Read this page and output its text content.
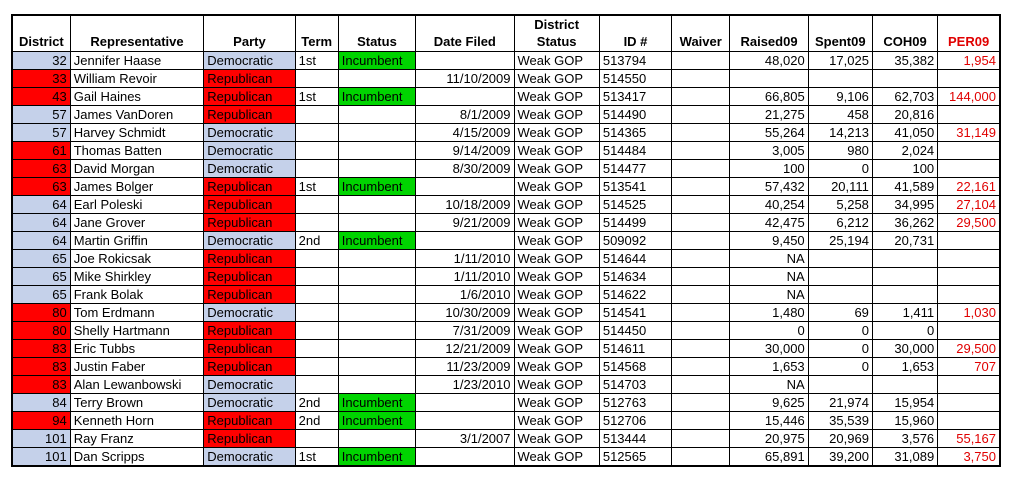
District	Representative	Party	Term	Status	Date Filed	District Status	ID #	Waiver	Raised09	Spent09	COH09	PER09
32	Jennifer Haase	Democratic	1st	Incumbent		Weak GOP	513794		48,020	17,025	35,382	1,954
33	William Revoir	Republican			11/10/2009	Weak GOP	514550					
43	Gail Haines	Republican	1st	Incumbent		Weak GOP	513417		66,805	9,106	62,703	144,000
57	James VanDoren	Republican			8/1/2009	Weak GOP	514490		21,275	458	20,816	
57	Harvey Schmidt	Democratic			4/15/2009	Weak GOP	514365		55,264	14,213	41,050	31,149
61	Thomas Batten	Democratic			9/14/2009	Weak GOP	514484		3,005	980	2,024	
63	David Morgan	Democratic			8/30/2009	Weak GOP	514477		100	0	100	
63	James Bolger	Republican	1st	Incumbent		Weak GOP	513541		57,432	20,111	41,589	22,161
64	Earl Poleski	Republican			10/18/2009	Weak GOP	514525		40,254	5,258	34,995	27,104
64	Jane Grover	Republican			9/21/2009	Weak GOP	514499		42,475	6,212	36,262	29,500
64	Martin Griffin	Democratic	2nd	Incumbent		Weak GOP	509092		9,450	25,194	20,731	
65	Joe Rokicsak	Republican			1/11/2010	Weak GOP	514644		NA			
65	Mike Shirkley	Republican			1/11/2010	Weak GOP	514634		NA			
65	Frank Bolak	Republican			1/6/2010	Weak GOP	514622		NA			
80	Tom Erdmann	Democratic			10/30/2009	Weak GOP	514541		1,480	69	1,411	1,030
80	Shelly Hartmann	Republican			7/31/2009	Weak GOP	514450		0	0	0	
83	Eric Tubbs	Republican			12/21/2009	Weak GOP	514611		30,000	0	30,000	29,500
83	Justin Faber	Republican			11/23/2009	Weak GOP	514568		1,653	0	1,653	707
83	Alan Lewanbowski	Democratic			1/23/2010	Weak GOP	514703		NA			
84	Terry Brown	Democratic	2nd	Incumbent		Weak GOP	512763		9,625	21,974	15,954	
94	Kenneth Horn	Republican	2nd	Incumbent		Weak GOP	512706		15,446	35,539	15,960	
101	Ray Franz	Republican			3/1/2007	Weak GOP	513444		20,975	20,969	3,576	55,167
101	Dan Scripps	Democratic	1st	Incumbent		Weak GOP	512565		65,891	39,200	31,089	3,750
